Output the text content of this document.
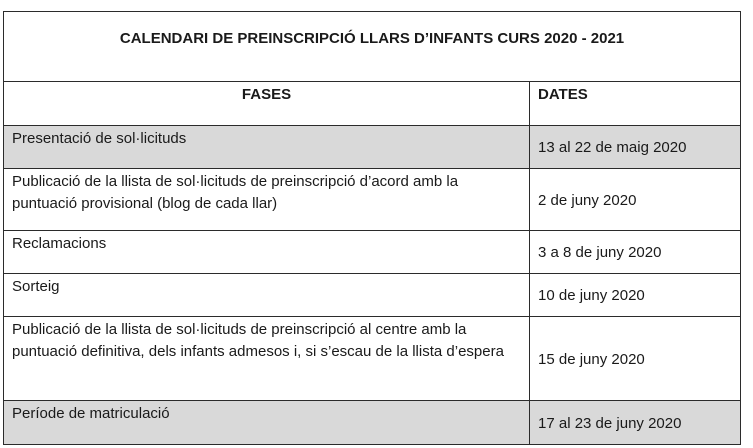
CALENDARI DE PREINSCRIPCIÓ LLARS D’INFANTS CURS 2020 - 2021	
FASES	DATES
Presentació de sol·licituds	13 al 22 de maig 2020
Publicació de la llista de sol·licituds de preinscripció d’acord amb la puntuació provisional (blog de cada llar)	2 de juny 2020
Reclamacions	3 a 8 de juny 2020
Sorteig	10 de juny 2020
Publicació de la llista de sol·licituds de preinscripció al centre amb la puntuació definitiva, dels infants admesos i, si s’escau de la llista d’espera	15 de juny 2020
Període de matriculació	17 al 23 de juny 2020
